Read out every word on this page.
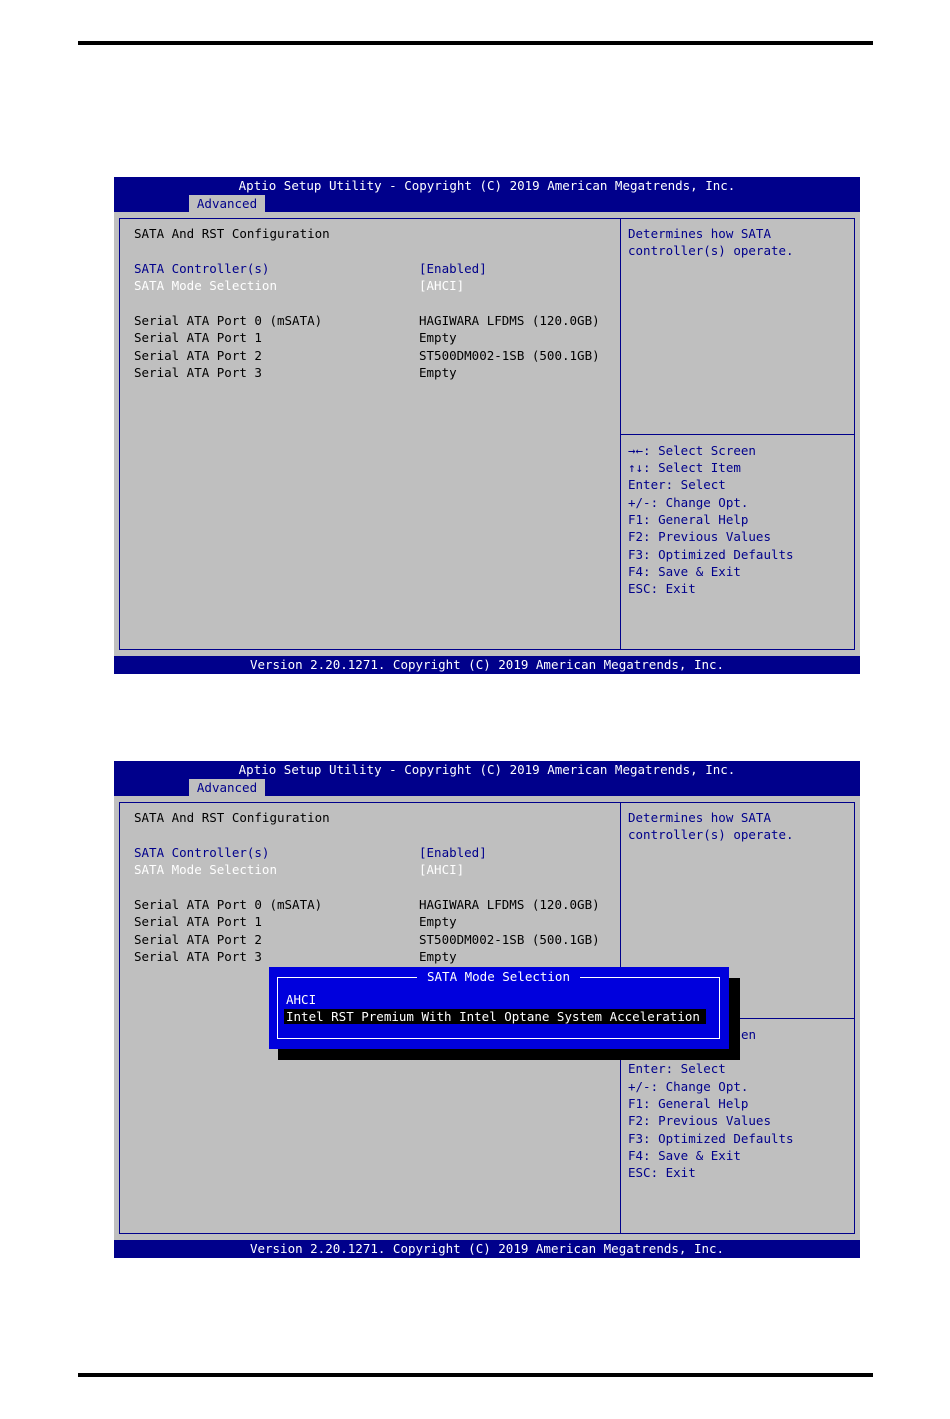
Aptio Setup Utility - Copyright (C) 2019 American Megatrends, Inc.
Advanced
SATA And RST Configuration
SATA Controller(s)	[Enabled]
SATA Mode Selection	[AHCI]
Serial ATA Port 0 (mSATA)	HAGIWARA LFDMS (120.0GB)
Serial ATA Port 1	Empty
Serial ATA Port 2	ST500DM002-1SB (500.1GB)
Serial ATA Port 3	Empty
Determines how SATA
controller(s) operate.
→←: Select Screen
↑↓: Select Item
Enter: Select
+/-: Change Opt.
F1: General Help
F2: Previous Values
F3: Optimized Defaults
F4: Save & Exit
ESC: Exit
Version 2.20.1271. Copyright (C) 2019 American Megatrends, Inc.
Aptio Setup Utility - Copyright (C) 2019 American Megatrends, Inc.
Advanced
SATA And RST Configuration
SATA Controller(s)	[Enabled]
SATA Mode Selection	[AHCI]
Serial ATA Port 0 (mSATA)	HAGIWARA LFDMS (120.0GB)
Serial ATA Port 1	Empty
Serial ATA Port 2	ST500DM002-1SB (500.1GB)
Serial ATA Port 3	Empty
Determines how SATA
controller(s) operate.
en
Enter: Select
+/-: Change Opt.
F1: General Help
F2: Previous Values
F3: Optimized Defaults
F4: Save & Exit
ESC: Exit
SATA Mode Selection
AHCI
Intel RST Premium With Intel Optane System Acceleration
Version 2.20.1271. Copyright (C) 2019 American Megatrends, Inc.
